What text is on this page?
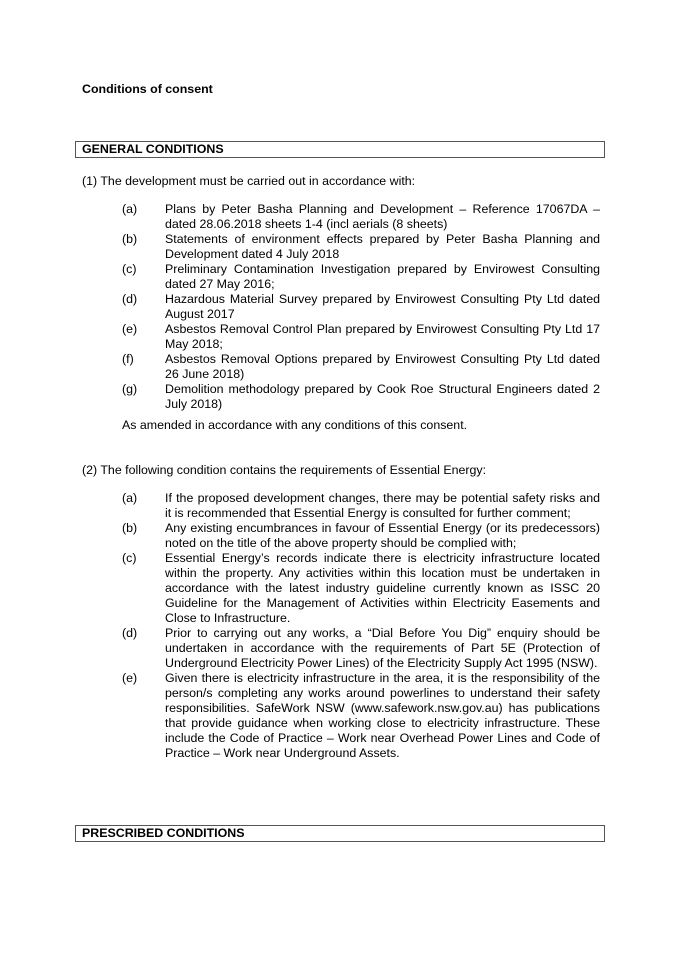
Conditions of consent
GENERAL CONDITIONS
(1) The development must be carried out in accordance with:
(a)	Plans by Peter Basha Planning and Development – Reference 17067DA – dated 28.06.2018 sheets 1-4 (incl aerials (8 sheets)
(b)	Statements of environment effects prepared by Peter Basha Planning and Development dated 4 July 2018
(c)	Preliminary Contamination Investigation prepared by Envirowest Consulting dated 27 May 2016;
(d)	Hazardous Material Survey prepared by Envirowest Consulting Pty Ltd dated August 2017
(e)	Asbestos Removal Control Plan prepared by Envirowest Consulting Pty Ltd 17 May 2018;
(f)	Asbestos Removal Options prepared by Envirowest Consulting Pty Ltd dated 26 June 2018)
(g)	Demolition methodology prepared by Cook Roe Structural Engineers dated 2 July 2018)
As amended in accordance with any conditions of this consent.
(2) The following condition contains the requirements of Essential Energy:
(a)	If the proposed development changes, there may be potential safety risks and it is recommended that Essential Energy is consulted for further comment;
(b)	Any existing encumbrances in favour of Essential Energy (or its predecessors) noted on the title of the above property should be complied with;
(c)	Essential Energy’s records indicate there is electricity infrastructure located within the property. Any activities within this location must be undertaken in accordance with the latest industry guideline currently known as ISSC 20 Guideline for the Management of Activities within Electricity Easements and Close to Infrastructure.
(d)	Prior to carrying out any works, a “Dial Before You Dig” enquiry should be undertaken in accordance with the requirements of Part 5E (Protection of Underground Electricity Power Lines) of the Electricity Supply Act 1995 (NSW).
(e)	Given there is electricity infrastructure in the area, it is the responsibility of the person/s completing any works around powerlines to understand their safety responsibilities. SafeWork NSW (www.safework.nsw.gov.au) has publications that provide guidance when working close to electricity infrastructure. These include the Code of Practice – Work near Overhead Power Lines and Code of Practice – Work near Underground Assets.
PRESCRIBED CONDITIONS
